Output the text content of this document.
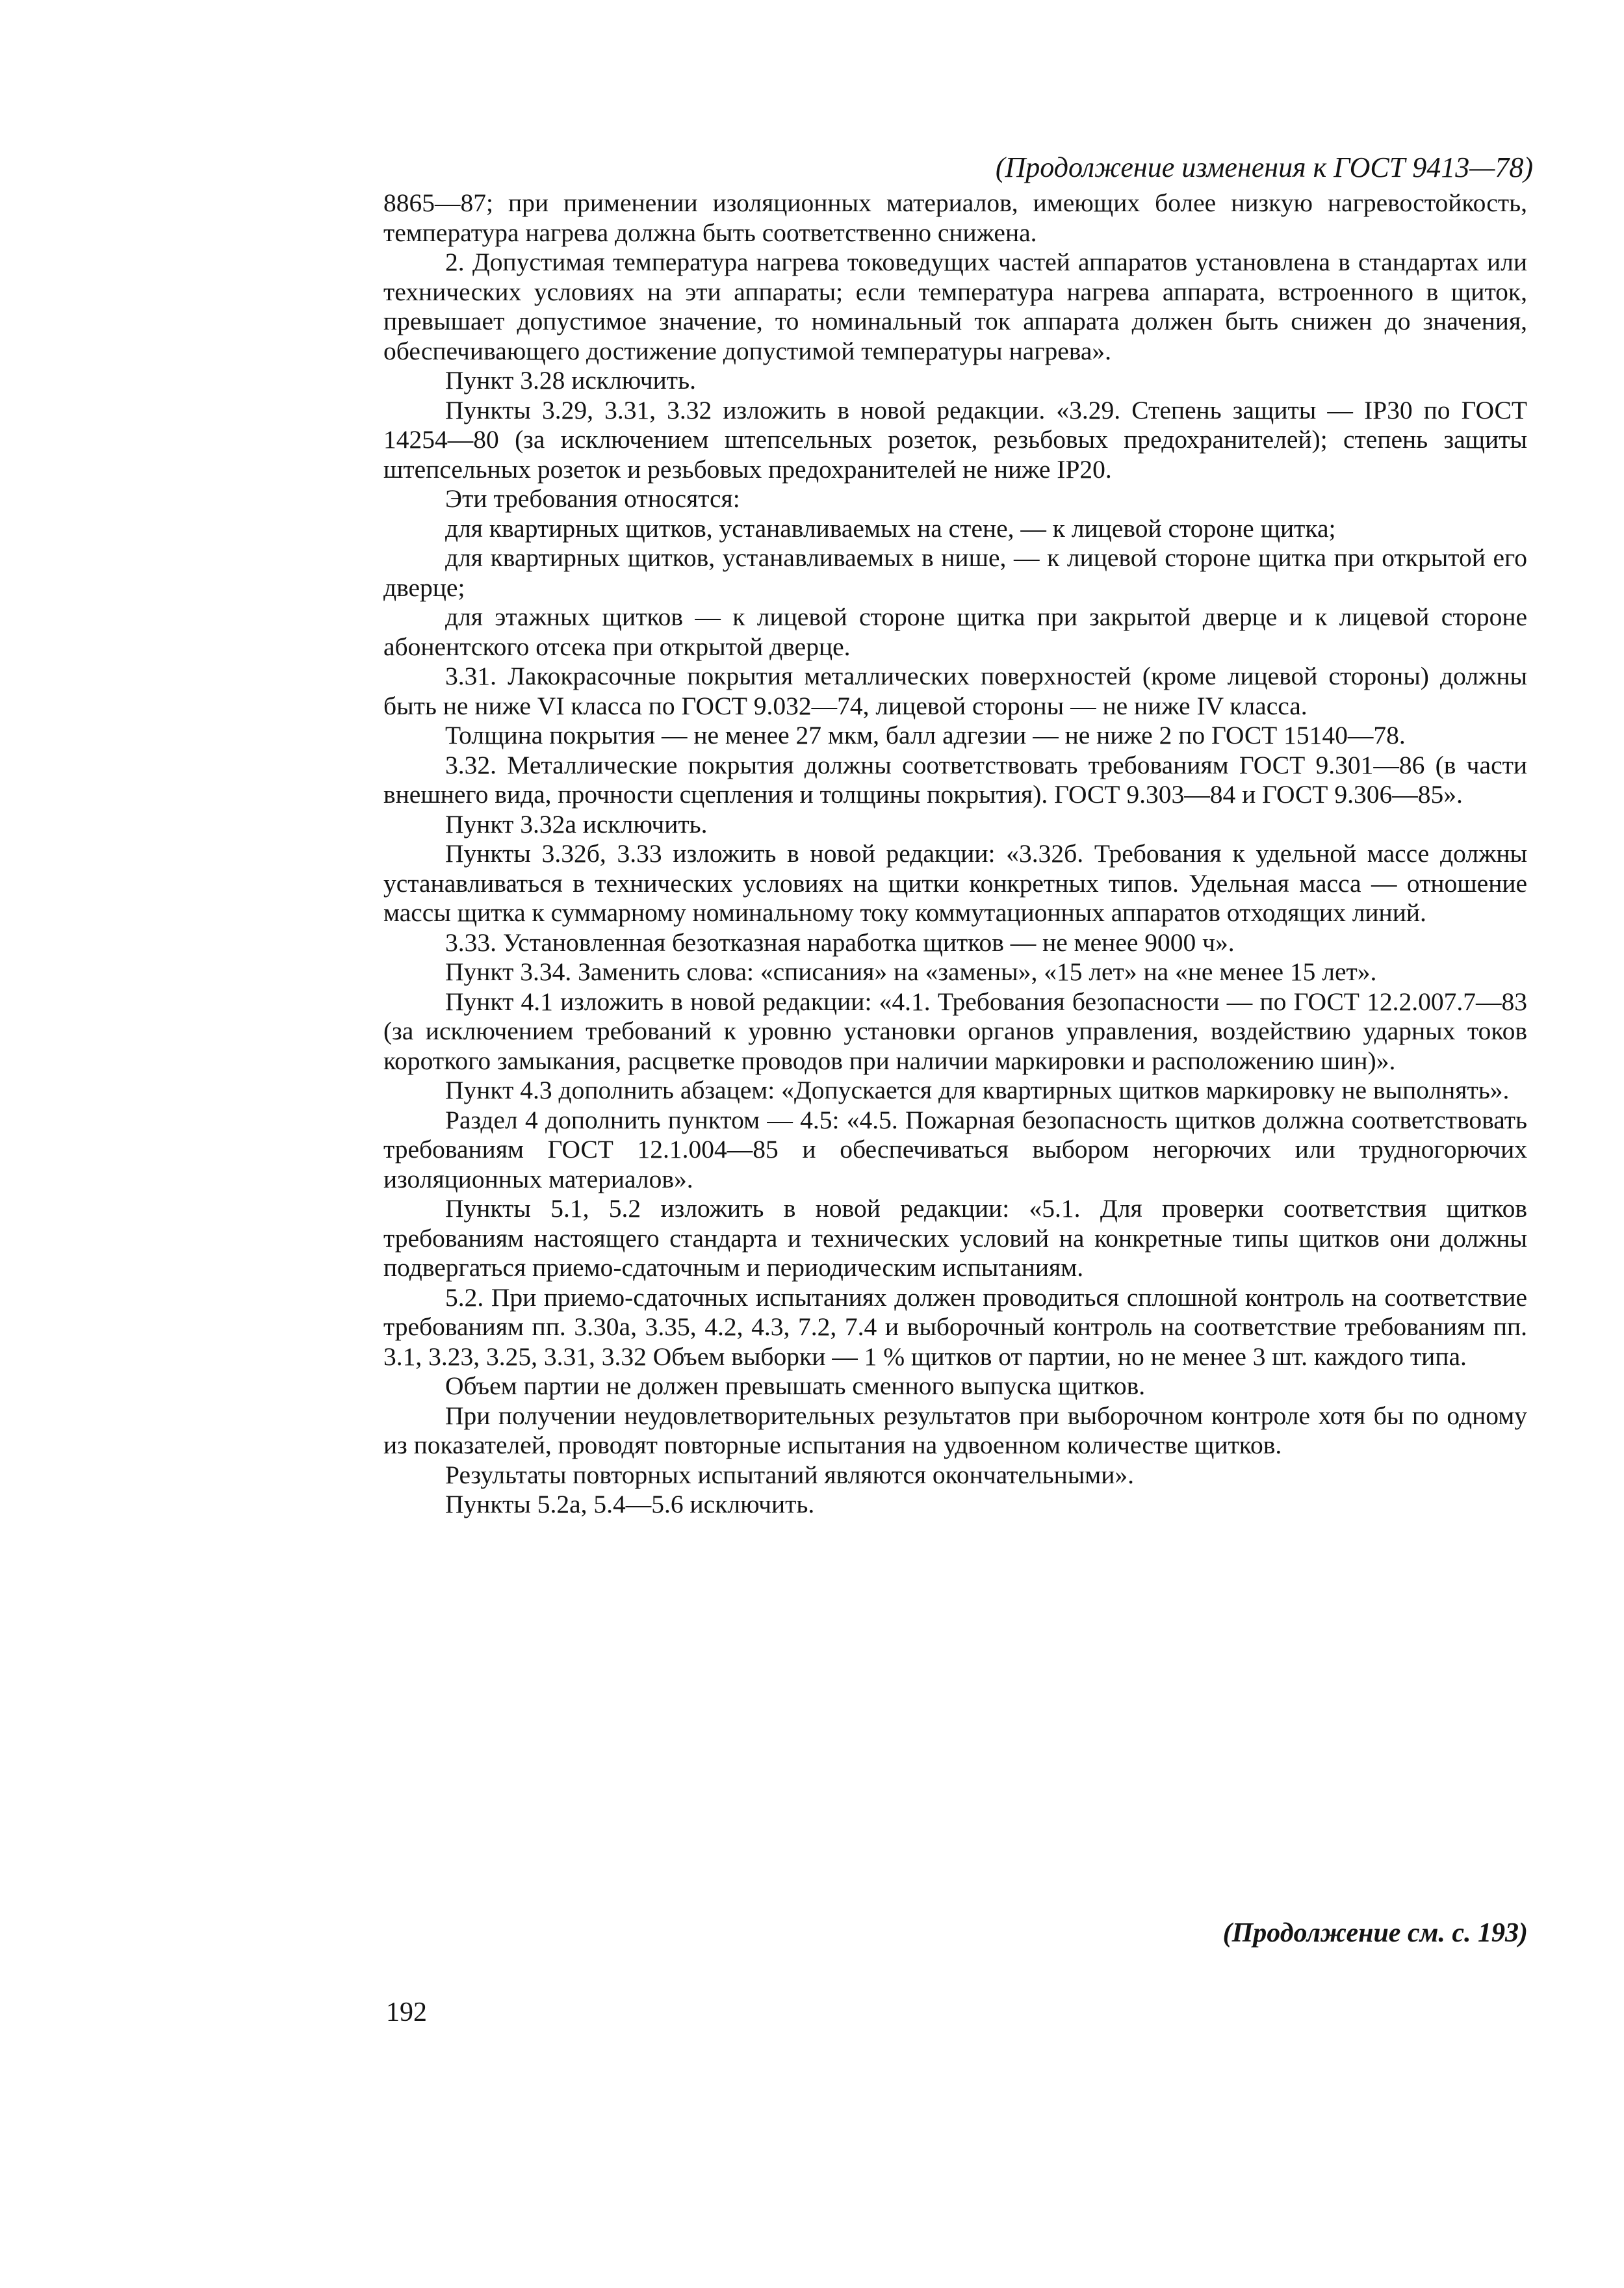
(Продолжение изменения к ГОСТ 9413—78)

8865—87; при применении изоляционных материалов, имеющих более низкую нагревостойкость, температура нагрева должна быть соответственно снижена.

2. Допустимая температура нагрева токоведущих частей аппаратов установлена в стандартах или технических условиях на эти аппараты; если температура нагрева аппарата, встроенного в щиток, превышает допустимое значение, то номинальный ток аппарата должен быть снижен до значения, обеспечивающего достижение допустимой температуры нагрева».

Пункт 3.28 исключить.

Пункты 3.29, 3.31, 3.32 изложить в новой редакции. «3.29. Степень защиты — IP30 по ГОСТ 14254—80 (за исключением штепсельных розеток, резьбовых предохранителей); степень защиты штепсельных розеток и резьбовых предохранителей не ниже IP20.

Эти требования относятся:

для квартирных щитков, устанавливаемых на стене, — к лицевой стороне щитка;

для квартирных щитков, устанавливаемых в нише, — к лицевой стороне щитка при открытой его дверце;

для этажных щитков — к лицевой стороне щитка при закрытой дверце и к лицевой стороне абонентского отсека при открытой дверце.

3.31. Лакокрасочные покрытия металлических поверхностей (кроме лицевой стороны) должны быть не ниже VI класса по ГОСТ 9.032—74, лицевой стороны — не ниже IV класса.

Толщина покрытия — не менее 27 мкм, балл адгезии — не ниже 2 по ГОСТ 15140—78.

3.32. Металлические покрытия должны соответствовать требованиям ГОСТ 9.301—86 (в части внешнего вида, прочности сцепления и толщины покрытия). ГОСТ 9.303—84 и ГОСТ 9.306—85».

Пункт 3.32а исключить.

Пункты 3.32б, 3.33 изложить в новой редакции: «3.32б. Требования к удельной массе должны устанавливаться в технических условиях на щитки конкретных типов. Удельная масса — отношение массы щитка к суммарному номинальному току коммутационных аппаратов отходящих линий.

3.33. Установленная безотказная наработка щитков — не менее 9000 ч».

Пункт 3.34. Заменить слова: «списания» на «замены», «15 лет» на «не менее 15 лет».

Пункт 4.1 изложить в новой редакции: «4.1. Требования безопасности — по ГОСТ 12.2.007.7—83 (за исключением требований к уровню установки органов управления, воздействию ударных токов короткого замыкания, расцветке проводов при наличии маркировки и расположению шин)».

Пункт 4.3 дополнить абзацем: «Допускается для квартирных щитков маркировку не выполнять».

Раздел 4 дополнить пунктом — 4.5: «4.5. Пожарная безопасность щитков должна соответствовать требованиям ГОСТ 12.1.004—85 и обеспечиваться выбором негорючих или трудногорючих изоляционных материалов».

Пункты 5.1, 5.2 изложить в новой редакции: «5.1. Для проверки соответствия щитков требованиям настоящего стандарта и технических условий на конкретные типы щитков они должны подвергаться приемо-сдаточным и периодическим испытаниям.

5.2. При приемо-сдаточных испытаниях должен проводиться сплошной контроль на соответствие требованиям пп. 3.30а, 3.35, 4.2, 4.3, 7.2, 7.4 и выборочный контроль на соответствие требованиям пп. 3.1, 3.23, 3.25, 3.31, 3.32 Объем выборки — 1 % щитков от партии, но не менее 3 шт. каждого типа.

Объем партии не должен превышать сменного выпуска щитков.

При получении неудовлетворительных результатов при выборочном контроле хотя бы по одному из показателей, проводят повторные испытания на удвоенном количестве щитков.

Результаты повторных испытаний являются окончательными».

Пункты 5.2а, 5.4—5.6 исключить.

(Продолжение см. с. 193)
192
